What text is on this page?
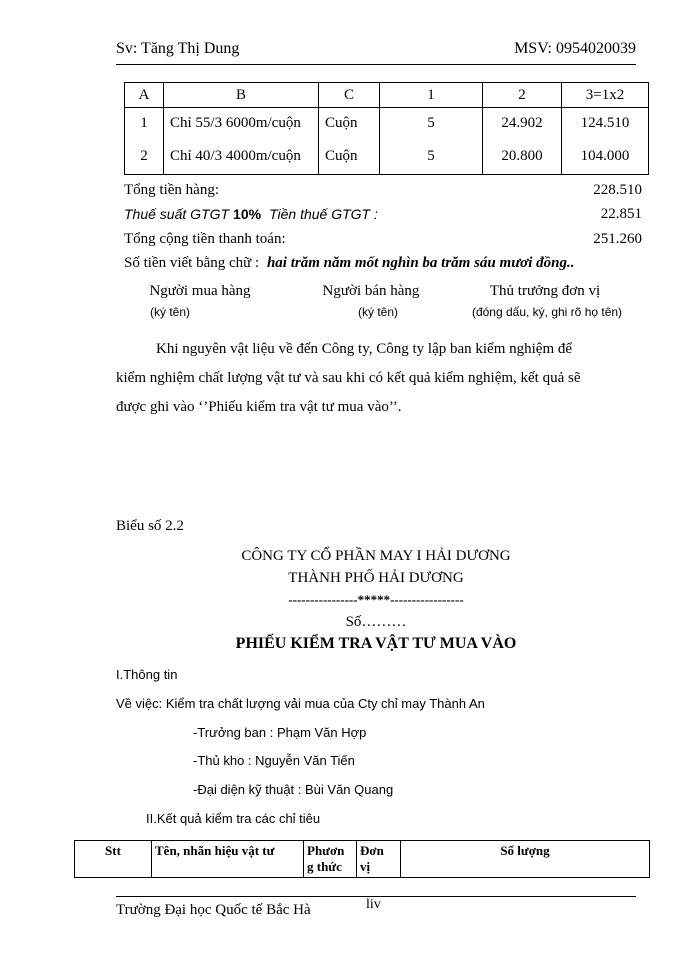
Sv: Tăng Thị Dung	MSV: 0954020039
A	B	C	1	2	3=1x2
1	Chỉ 55/3 6000m/cuộn	Cuộn	5	24.902	124.510
2	Chỉ 40/3 4000m/cuộn	Cuộn	5	20.800	104.000
Tổng tiền hàng:	228.510
Thuế suất GTGT 10% Tiền thuế GTGT :	22.851
Tổng cộng tiền thanh toán:	251.260
Số tiền viết bằng chữ : hai trăm năm mốt nghìn ba trăm sáu mươi đồng..
Người mua hàng
(ký tên)
Người bán hàng
(ký tên)
Thủ trưởng đơn vị
(đóng dấu, ký, ghi rõ họ tên)
Khi nguyên vật liệu về đến Công ty, Công ty lập ban kiểm nghiệm để
kiểm nghiệm chất lượng vật tư và sau khi có kết quả kiểm nghiệm, kết quả sẽ
được ghi vào ‘’Phiếu kiểm tra vật tư mua vào’’.
Biểu số 2.2
CÔNG TY CỔ PHẦN MAY I HẢI DƯƠNG
THÀNH PHỐ HẢI DƯƠNG
----------------*****-----------------
Số………
PHIẾU KIỂM TRA VẬT TƯ MUA VÀO
I.Thông tin
Về việc: Kiểm tra chất lượng vải mua của Cty chỉ may Thành An
-Trưởng ban : Phạm Văn Hợp
-Thủ kho : Nguyễn Văn Tiến
-Đại diện kỹ thuật : Bùi Văn Quang
II.Kết quả kiểm tra các chỉ tiêu
Stt	Tên, nhãn hiệu vật tư	Phươn g thức	Đơn vị	Số lượng
Trường Đại học Quốc tế Bắc Hà	liv
